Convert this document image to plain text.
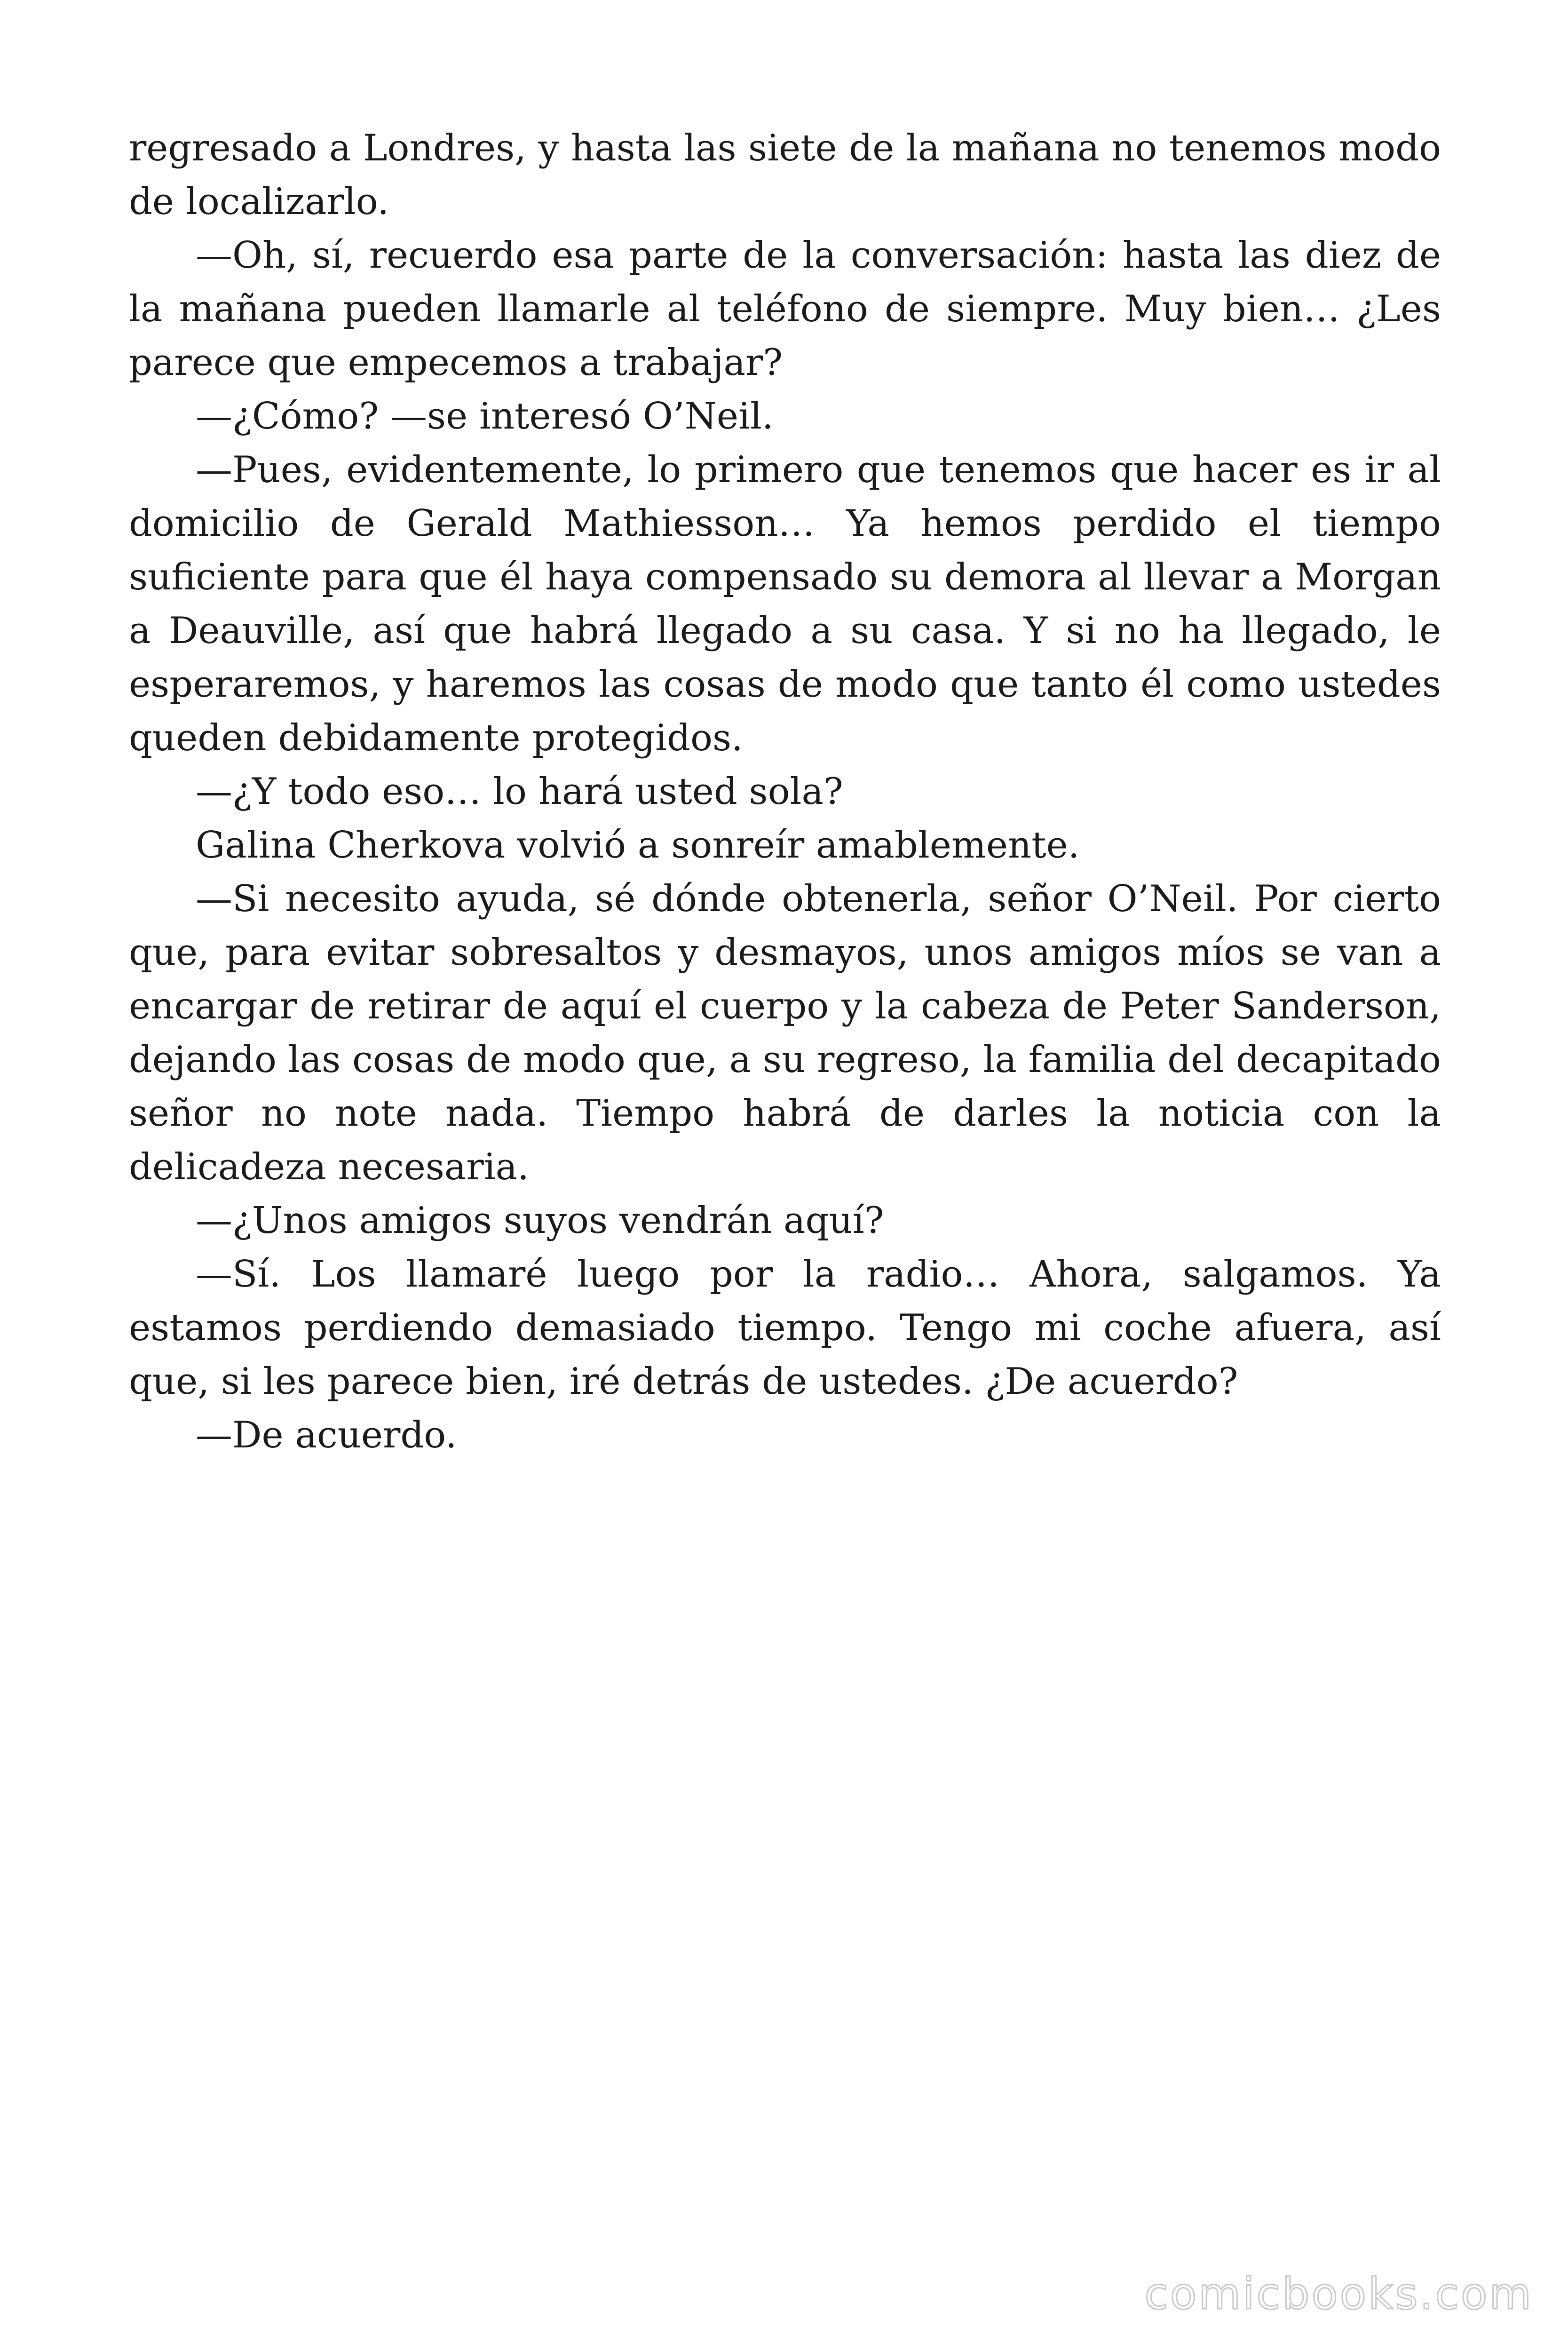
regresado a Londres, y hasta las siete de la mañana no tenemos modo de localizarlo.

—Oh, sí, recuerdo esa parte de la conversación: hasta las diez de la mañana pueden llamarle al teléfono de siempre. Muy bien… ¿Les parece que empecemos a trabajar?

—¿Cómo? —se interesó O’Neil.

—Pues, evidentemente, lo primero que tenemos que hacer es ir al domicilio de Gerald Mathiesson… Ya hemos perdido el tiempo suficiente para que él haya compensado su demora al llevar a Morgan a Deauville, así que habrá llegado a su casa. Y si no ha llegado, le esperaremos, y haremos las cosas de modo que tanto él como ustedes queden debidamente protegidos.

—¿Y todo eso… lo hará usted sola?

Galina Cherkova volvió a sonreír amablemente.

—Si necesito ayuda, sé dónde obtenerla, señor O’Neil. Por cierto que, para evitar sobresaltos y desmayos, unos amigos míos se van a encargar de retirar de aquí el cuerpo y la cabeza de Peter Sanderson, dejando las cosas de modo que, a su regreso, la familia del decapitado señor no note nada. Tiempo habrá de darles la noticia con la delicadeza necesaria.

—¿Unos amigos suyos vendrán aquí?

—Sí. Los llamaré luego por la radio… Ahora, salgamos. Ya estamos perdiendo demasiado tiempo. Tengo mi coche afuera, así que, si les parece bien, iré detrás de ustedes. ¿De acuerdo?

—De acuerdo.

comicbooks.com
